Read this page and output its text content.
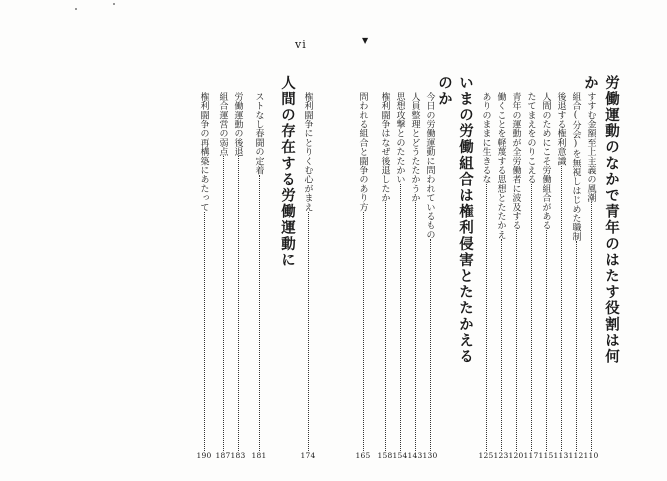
vi	▼
労働運動のなかで青年のはたす役割は何か
すすむ金額至上主義の風潮
110
組合(分会)を無視しはじめた職制
112
後退する権利意識
113
人間のためにこそ労働組合がある
115
たてまえをのりこえる
117
青年の運動が全労働者に波及する
120
働くことを軽蔑する思想とたたかえ
123
ありのままに生きるな
125
いまの労働組合は権利侵害とたたかえるのか
今日の労働運動に問われているもの
130
人員整理とどうたたかうか
143
思想攻撃とのたたかい
154
権利闘争はなぜ後退したか
158
問われる組合と闘争のあり方
165
権利闘争にとりくむ心がまえ
174
人間の存在する労働運動に
ストなし春闘の定着
181
労働運動の後退
183
組合運営の弱点
187
権利闘争の再構築にあたって
190
